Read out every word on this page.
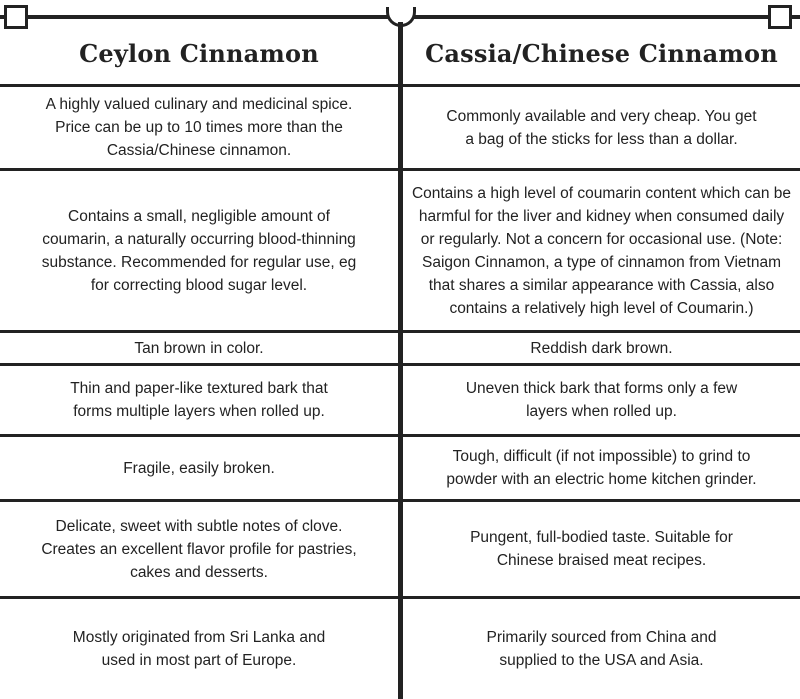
Ceylon Cinnamon	Cassia/Chinese Cinnamon
A highly valued culinary and medicinal spice. Price can be up to 10 times more than the Cassia/Chinese cinnamon.
Commonly available and very cheap. You get a bag of the sticks for less than a dollar.
Contains a small, negligible amount of coumarin, a naturally occurring blood-thinning substance. Recommended for regular use, eg for correcting blood sugar level.
Contains a high level of coumarin content which can be harmful for the liver and kidney when consumed daily or regularly. Not a concern for occasional use. (Note: Saigon Cinnamon, a type of cinnamon from Vietnam that shares a similar appearance with Cassia, also contains a relatively high level of Coumarin.)
Tan brown in color.	Reddish dark brown.
Thin and paper-like textured bark that forms multiple layers when rolled up.
Uneven thick bark that forms only a few layers when rolled up.
Fragile, easily broken.
Tough, difficult (if not impossible) to grind to powder with an electric home kitchen grinder.
Delicate, sweet with subtle notes of clove. Creates an excellent flavor profile for pastries, cakes and desserts.
Pungent, full-bodied taste. Suitable for Chinese braised meat recipes.
Mostly originated from Sri Lanka and used in most part of Europe.
Primarily sourced from China and supplied to the USA and Asia.
